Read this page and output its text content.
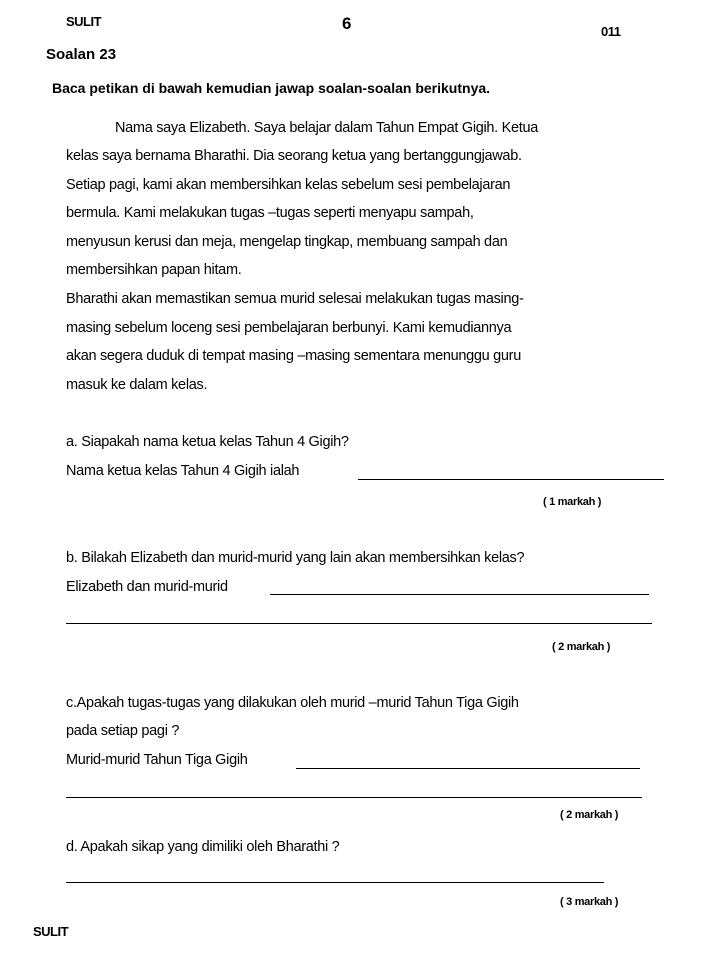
SULIT	6	011
Soalan 23
Baca petikan di bawah kemudian jawap soalan-soalan berikutnya.
Nama saya Elizabeth. Saya belajar dalam Tahun Empat Gigih. Ketua
kelas saya bernama Bharathi. Dia seorang ketua yang bertanggungjawab.
Setiap pagi, kami akan membersihkan kelas sebelum sesi pembelajaran
bermula. Kami melakukan tugas –tugas seperti menyapu sampah,
menyusun kerusi dan meja, mengelap tingkap, membuang sampah dan
membersihkan papan hitam.
Bharathi akan memastikan semua murid selesai melakukan tugas masing-
masing sebelum loceng sesi pembelajaran berbunyi. Kami kemudiannya
akan segera duduk di tempat masing –masing sementara menunggu guru
masuk ke dalam kelas.
a. Siapakah nama ketua kelas Tahun 4 Gigih?
Nama ketua kelas Tahun 4 Gigih ialah
( 1 markah )
b. Bilakah Elizabeth dan murid-murid yang lain akan membersihkan kelas?
Elizabeth dan murid-murid
( 2 markah )
c.Apakah tugas-tugas yang dilakukan oleh murid –murid Tahun Tiga Gigih
pada setiap pagi ?
Murid-murid Tahun Tiga Gigih
( 2 markah )
d. Apakah sikap yang dimiliki oleh Bharathi ?
( 3 markah )
SULIT
